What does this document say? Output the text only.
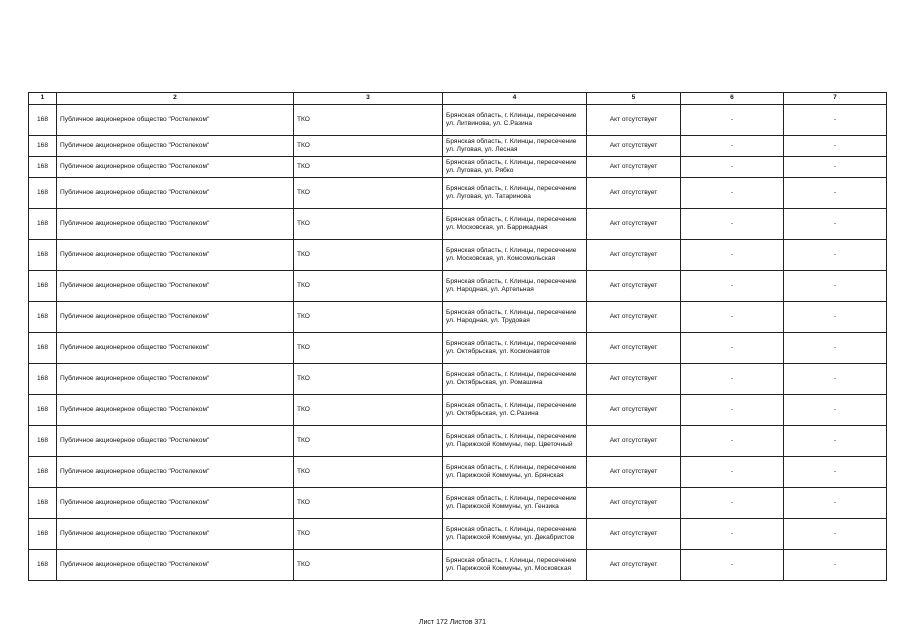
1	2	3	4	5	6	7
168	Публичное акционерное общество "Ростелеком"	ТКО	Брянская область, г. Клинцы, пересечение ул. Литвинова, ул. С.Разина	Акт отсутствует	-	-
168	Публичное акционерное общество "Ростелеком"	ТКО	Брянская область, г. Клинцы, пересечение ул. Луговая, ул. Лесная	Акт отсутствует	-	-
168	Публичное акционерное общество "Ростелеком"	ТКО	Брянская область, г. Клинцы, пересечение ул. Луговая, ул. Рябко	Акт отсутствует	-	-
168	Публичное акционерное общество "Ростелеком"	ТКО	Брянская область, г. Клинцы, пересечение ул. Луговая, ул. Татаринова	Акт отсутствует	-	-
168	Публичное акционерное общество "Ростелеком"	ТКО	Брянская область, г. Клинцы, пересечение ул. Московская, ул. Баррикадная	Акт отсутствует	-	-
168	Публичное акционерное общество "Ростелеком"	ТКО	Брянская область, г. Клинцы, пересечение ул. Московская, ул. Комсомольская	Акт отсутствует	-	-
168	Публичное акционерное общество "Ростелеком"	ТКО	Брянская область, г. Клинцы, пересечение ул. Народная, ул. Артельная	Акт отсутствует	-	-
168	Публичное акционерное общество "Ростелеком"	ТКО	Брянская область, г. Клинцы, пересечение ул. Народная, ул. Трудовая	Акт отсутствует	-	-
168	Публичное акционерное общество "Ростелеком"	ТКО	Брянская область, г. Клинцы, пересечение ул. Октябрьская, ул. Космонавтов	Акт отсутствует	-	-
168	Публичное акционерное общество "Ростелеком"	ТКО	Брянская область, г. Клинцы, пересечение ул. Октябрьская, ул. Ромашина	Акт отсутствует	-	-
168	Публичное акционерное общество "Ростелеком"	ТКО	Брянская область, г. Клинцы, пересечение ул. Октябрьская, ул. С.Разина	Акт отсутствует	-	-
168	Публичное акционерное общество "Ростелеком"	ТКО	Брянская область, г. Клинцы, пересечение ул. Парижской Коммуны, пер. Цветочный	Акт отсутствует	-	-
168	Публичное акционерное общество "Ростелеком"	ТКО	Брянская область, г. Клинцы, пересечение ул. Парижской Коммуны, ул. Брянская	Акт отсутствует	-	-
168	Публичное акционерное общество "Ростелеком"	ТКО	Брянская область, г. Клинцы, пересечение ул. Парижской Коммуны, ул. Гензика	Акт отсутствует	-	-
168	Публичное акционерное общество "Ростелеком"	ТКО	Брянская область, г. Клинцы, пересечение ул. Парижской Коммуны, ул. Декабристов	Акт отсутствует	-	-
168	Публичное акционерное общество "Ростелеком"	ТКО	Брянская область, г. Клинцы, пересечение ул. Парижской Коммуны, ул. Московская	Акт отсутствует	-	-
Лист 172 Листов 371
